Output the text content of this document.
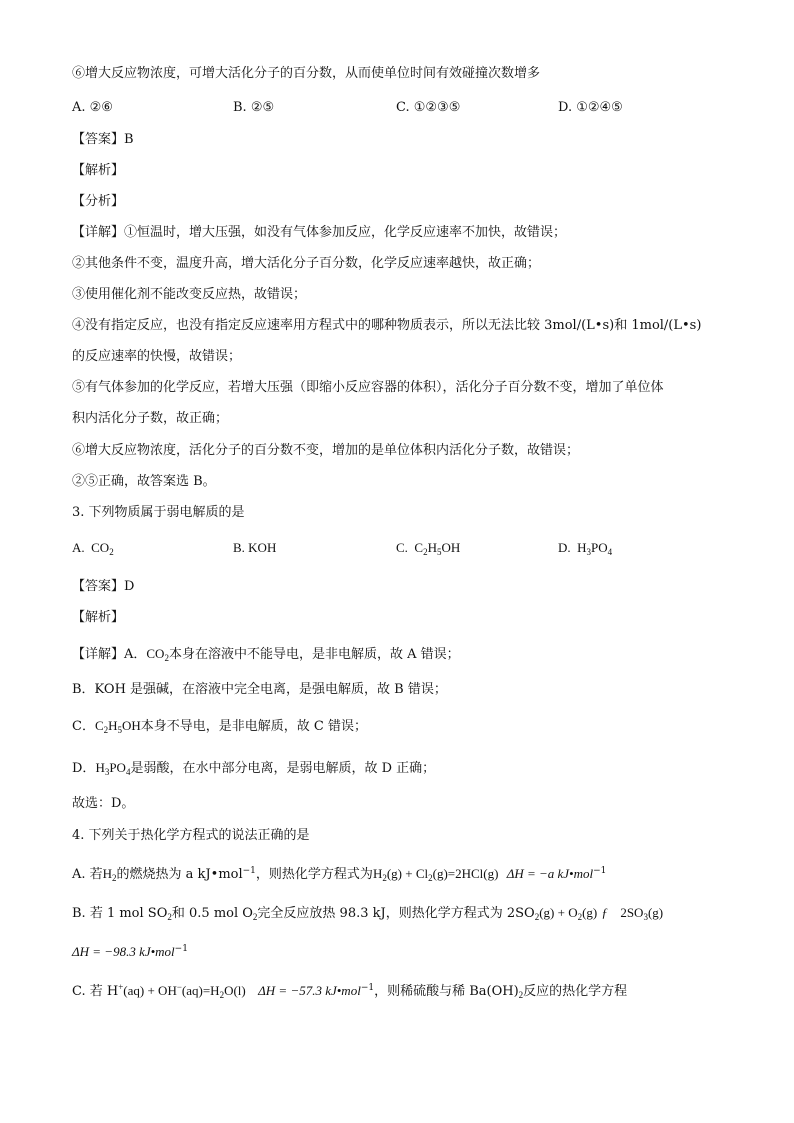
⑥增大反应物浓度，可增大活化分子的百分数，从而使单位时间有效碰撞次数增多
A. ②⑥	B. ②⑤	C. ①②③⑤	D. ①②④⑤
【答案】B
【解析】
【分析】
【详解】①恒温时，增大压强，如没有气体参加反应，化学反应速率不加快，故错误；
②其他条件不变，温度升高，增大活化分子百分数，化学反应速率越快，故正确；
③使用催化剂不能改变反应热，故错误；
④没有指定反应，也没有指定反应速率用方程式中的哪种物质表示，所以无法比较 3mol/(L•s)和 1mol/(L•s)
的反应速率的快慢，故错误；
⑤有气体参加的化学反应，若增大压强（即缩小反应容器的体积），活化分子百分数不变，增加了单位体
积内活化分子数，故正确；
⑥增大反应物浓度，活化分子的百分数不变，增加的是单位体积内活化分子数，故错误；
②⑤正确，故答案选 B。
3. 下列物质属于弱电解质的是
A. $CO_2$	B. KOH	C. $C_2H_5OH$	D. $H_3PO_4$
【答案】D
【解析】
【详解】A．$CO_2$本身在溶液中不能导电，是非电解质，故 A 错误；
B．KOH 是强碱，在溶液中完全电离，是强电解质，故 B 错误；
C．$C_2H_5OH$本身不导电，是非电解质，故 C 错误；
D．$H_3PO_4$是弱酸，在水中部分电离，是弱电解质，故 D 正确；
故选：D。
4. 下列关于热化学方程式的说法正确的是
A. 若$H_2$的燃烧热为 a kJ•mol$^{-1}$，则热化学方程式为$H_2(g) + Cl_2(g)=2HCl(g) \Delta H = -a$ kJ•mol$^{-1}$
B. 若 1 mol $SO_2$和 0.5 mol $O_2$完全反应放热 98.3 kJ，则热化学方程式为 $2SO_2(g) + O_2(g)$ ƒ $2SO_3(g)$
ΔH = −98.3 kJ•mol$^{-1}$
C. 若 $H^+(aq) + OH^-(aq)=H_2O(l) \Delta H = -57.3$ kJ•mol$^{-1}$，则稀硫酸与稀 $Ba(OH)_2$反应的热化学方程
